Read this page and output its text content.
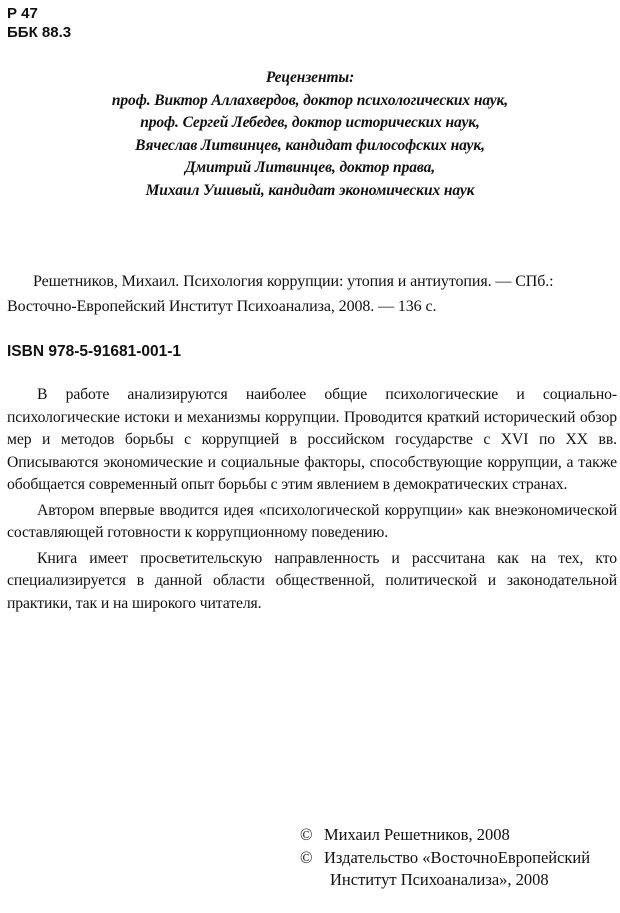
Р 47
ББК 88.3
Рецензенты:
проф. Виктор Аллахвердов, доктор психологических наук,
проф. Сергей Лебедев, доктор исторических наук,
Вячеслав Литвинцев, кандидат философских наук,
Дмитрий Литвинцев, доктор права,
Михаил Ушивый, кандидат экономических наук
Решетников, Михаил. Психология коррупции: утопия и антиутопия. — СПб.:
Восточно-Европейский Институт Психоанализа, 2008. — 136 с.
ISBN 978-5-91681-001-1

В работе анализируются наиболее общие психологические и социально-психологические истоки и механизмы коррупции. Проводится краткий исторический обзор мер и методов борьбы с коррупцией в российском государстве с XVI по XX вв. Описываются экономические и социальные факторы, способствующие коррупции, а также обобщается современный опыт борьбы с этим явлением в демократических странах.

Автором впервые вводится идея «психологической коррупции» как внеэкономической составляющей готовности к коррупционному поведению.

Книга имеет просветительскую направленность и рассчитана как на тех, кто специализируется в данной области общественной, политической и законодательной практики, так и на широкого читателя.

© Михаил Решетников, 2008
© Издательство «ВосточноЕвропейский
Институт Психоанализа», 2008
